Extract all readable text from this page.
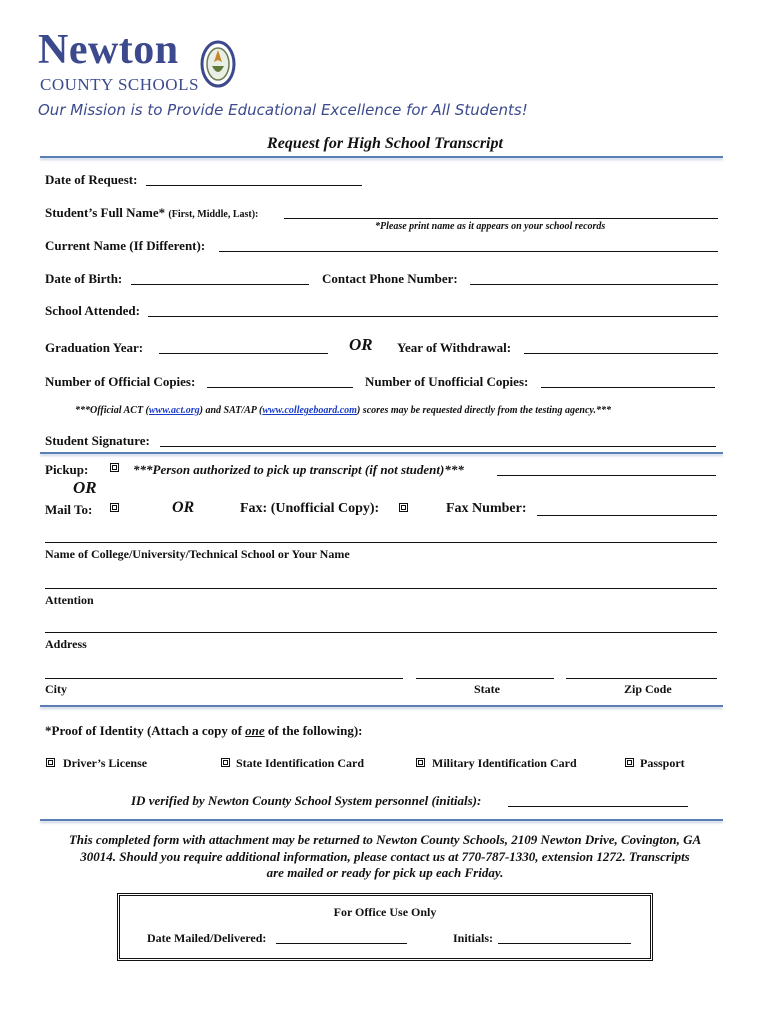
Newton
COUNTY SCHOOLS
Our Mission is to Provide Educational Excellence for All Students!
Request for High School Transcript
Date of Request:
Student’s Full Name* (First, Middle, Last):
*Please print name as it appears on your school records
Current Name (If Different):
Date of Birth:	Contact Phone Number:
School Attended:
Graduation Year:	OR Year of Withdrawal:
Number of Official Copies:	Number of Unofficial Copies:
***Official ACT (www.act.org) and SAT/AP (www.collegeboard.com) scores may be requested directly from the testing agency.***
Student Signature:
Pickup:	***Person authorized to pick up transcript (if not student)***
OR
Mail To:	OR	Fax: (Unofficial Copy):	Fax Number:
Name of College/University/Technical School or Your Name
Attention
Address
City	State	Zip Code
*Proof of Identity (Attach a copy of one of the following):
Driver’s License	State Identification Card	Military Identification Card	Passport
ID verified by Newton County School System personnel (initials):
This completed form with attachment may be returned to Newton County Schools, 2109 Newton Drive, Covington, GA
30014. Should you require additional information, please contact us at 770-787-1330, extension 1272. Transcripts
are mailed or ready for pick up each Friday.
For Office Use Only
Date Mailed/Delivered:	Initials:
